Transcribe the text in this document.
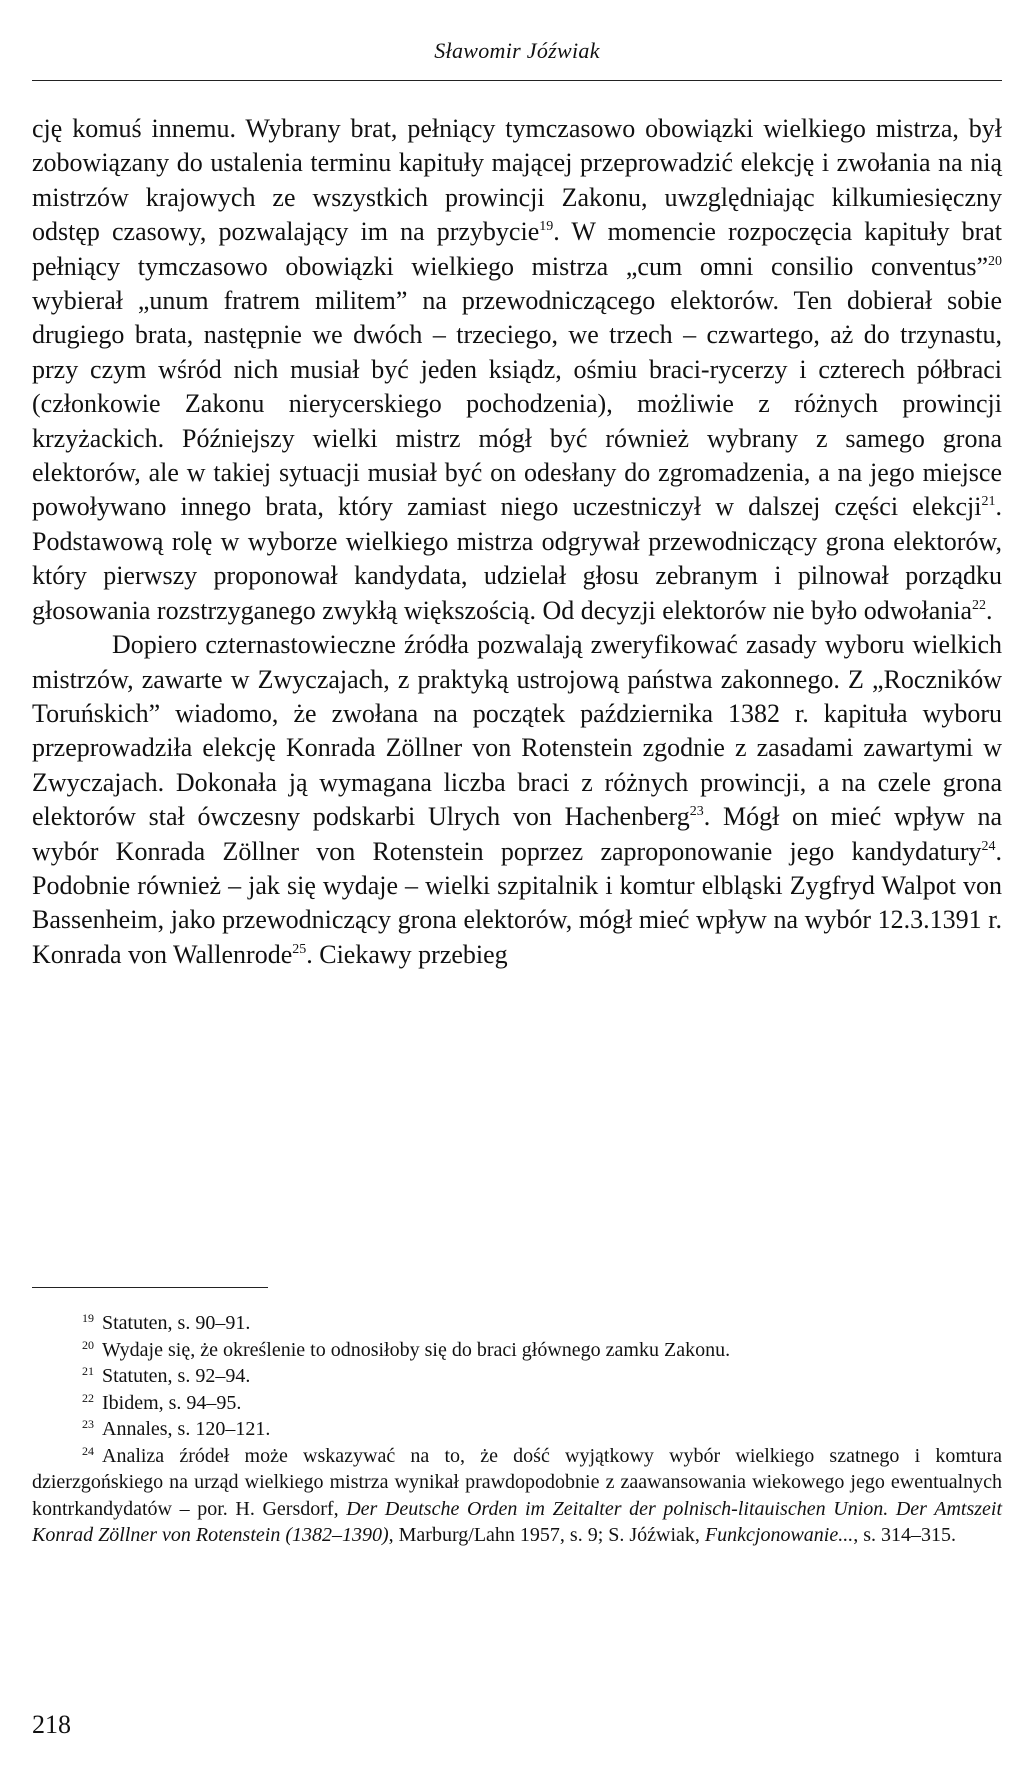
Sławomir Jóźwiak

cję komuś innemu. Wybrany brat, pełniący tymczasowo obowiązki wielkiego mistrza, był zobowiązany do ustalenia terminu kapituły mającej przeprowadzić elekcję i zwołania na nią mistrzów krajowych ze wszystkich prowincji Zakonu, uwzględniając kilkumiesięczny odstęp czasowy, pozwalający im na przybycie$^{19}$. W momencie rozpoczęcia kapituły brat pełniący tymczasowo obowiązki wielkiego mistrza „cum omni consilio conventus”$^{20}$ wybierał „unum fratrem militem” na przewodniczącego elektorów. Ten dobierał sobie drugiego brata, następnie we dwóch – trzeciego, we trzech – czwartego, aż do trzynastu, przy czym wśród nich musiał być jeden ksiądz, ośmiu braci-rycerzy i czterech półbraci (członkowie Zakonu nierycerskiego pochodzenia), możliwie z różnych prowincji krzyżackich. Późniejszy wielki mistrz mógł być również wybrany z samego grona elektorów, ale w takiej sytuacji musiał być on odesłany do zgromadzenia, a na jego miejsce powoływano innego brata, który zamiast niego uczestniczył w dalszej części elekcji$^{21}$. Podstawową rolę w wyborze wielkiego mistrza odgrywał przewodniczący grona elektorów, który pierwszy proponował kandydata, udzielał głosu zebranym i pilnował porządku głosowania rozstrzyganego zwykłą większością. Od decyzji elektorów nie było odwołania$^{22}$.

Dopiero czternastowieczne źródła pozwalają zweryfikować zasady wyboru wielkich mistrzów, zawarte w Zwyczajach, z praktyką ustrojową państwa zakonnego. Z „Roczników Toruńskich” wiadomo, że zwołana na początek października 1382 r. kapituła wyboru przeprowadziła elekcję Konrada Zöllner von Rotenstein zgodnie z zasadami zawartymi w Zwyczajach. Dokonała ją wymagana liczba braci z różnych prowincji, a na czele grona elektorów stał ówczesny podskarbi Ulrych von Hachenberg$^{23}$. Mógł on mieć wpływ na wybór Konrada Zöllner von Rotenstein poprzez zaproponowanie jego kandydatury$^{24}$. Podobnie również – jak się wydaje – wielki szpitalnik i komtur elbląski Zygfryd Walpot von Bassenheim, jako przewodniczący grona elektorów, mógł mieć wpływ na wybór 12.3.1391 r. Konrada von Wallenrode$^{25}$. Ciekawy przebieg

$^{19}$ Statuten, s. 90–91.

$^{20}$ Wydaje się, że określenie to odnosiłoby się do braci głównego zamku Zakonu.

$^{21}$ Statuten, s. 92–94.

$^{22}$ Ibidem, s. 94–95.

$^{23}$ Annales, s. 120–121.

$^{24}$ Analiza źródeł może wskazywać na to, że dość wyjątkowy wybór wielkiego szatnego i komtura dzierzgońskiego na urząd wielkiego mistrza wynikał prawdopodobnie z zaawansowania wiekowego jego ewentualnych kontrkandydatów – por. H. Gersdorf, Der Deutsche Orden im Zeitalter der polnisch-litauischen Union. Der Amtszeit Konrad Zöllner von Rotenstein (1382–1390), Marburg/Lahn 1957, s. 9; S. Jóźwiak, Funkcjonowanie..., s. 314–315.

218
